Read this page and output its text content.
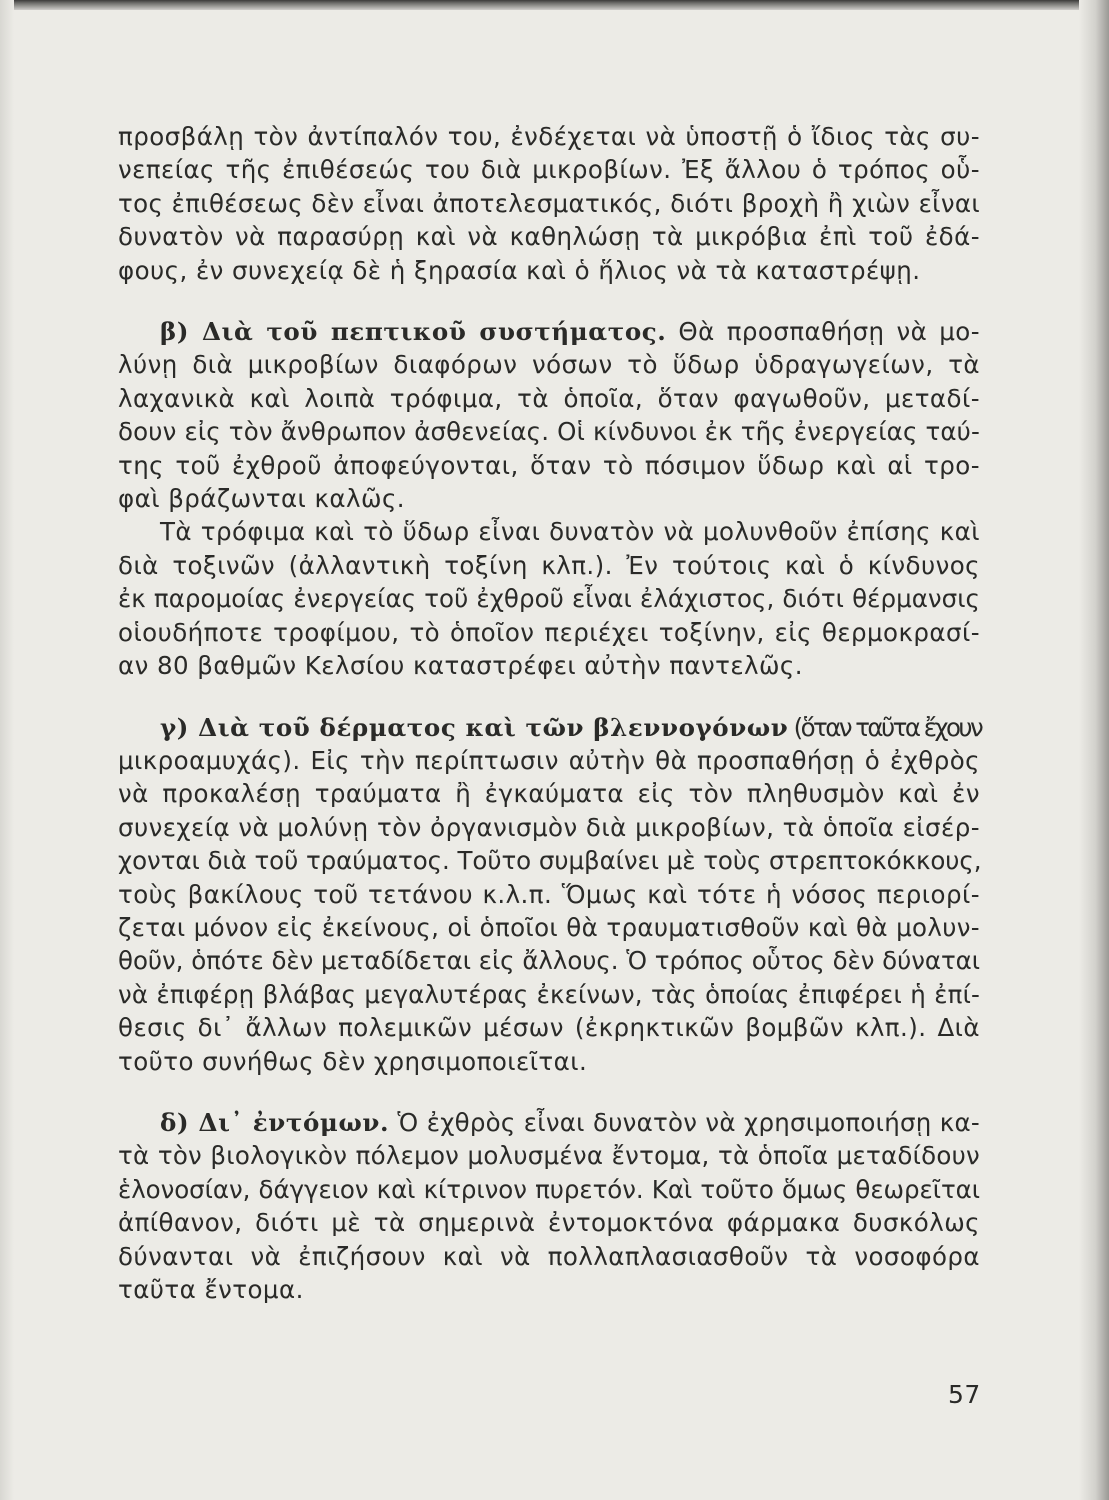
προσβάλῃ τὸν ἀντίπαλόν του, ἐνδέχεται νὰ ὑποστῇ ὁ ἴδιος τὰς συ-
νεπείας τῆς ἐπιθέσεώς του διὰ μικροβίων. Ἐξ ἄλλου ὁ τρόπος οὗ-
τος ἐπιθέσεως δὲν εἶναι ἀποτελεσματικός, διότι βροχὴ ἢ χιὼν εἶναι
δυνατὸν νὰ παρασύρῃ καὶ νὰ καθηλώσῃ τὰ μικρόβια ἐπὶ τοῦ ἐδά-
φους, ἐν συνεχείᾳ δὲ ἡ ξηρασία καὶ ὁ ἥλιος νὰ τὰ καταστρέψῃ.
β) Διὰ τοῦ πεπτικοῦ συστήματος. Θὰ προσπαθήσῃ νὰ μο-
λύνῃ διὰ μικροβίων διαφόρων νόσων τὸ ὕδωρ ὑδραγωγείων, τὰ
λαχανικὰ καὶ λοιπὰ τρόφιμα, τὰ ὁποῖα, ὅταν φαγωθοῦν, μεταδί-
δουν εἰς τὸν ἄνθρωπον ἀσθενείας. Οἱ κίνδυνοι ἐκ τῆς ἐνεργείας ταύ-
της τοῦ ἐχθροῦ ἀποφεύγονται, ὅταν τὸ πόσιμον ὕδωρ καὶ αἱ τρο-
φαὶ βράζωνται καλῶς.
Τὰ τρόφιμα καὶ τὸ ὕδωρ εἶναι δυνατὸν νὰ μολυνθοῦν ἐπίσης καὶ
διὰ τοξινῶν (ἀλλαντικὴ τοξίνη κλπ.). Ἐν τούτοις καὶ ὁ κίνδυνος
ἐκ παρομοίας ἐνεργείας τοῦ ἐχθροῦ εἶναι ἐλάχιστος, διότι θέρμανσις
οἱουδήποτε τροφίμου, τὸ ὁποῖον περιέχει τοξίνην, εἰς θερμοκρασί-
αν 80 βαθμῶν Κελσίου καταστρέφει αὐτὴν παντελῶς.
γ) Διὰ τοῦ δέρματος καὶ τῶν βλεννογόνων (ὅταν ταῦτα ἔχουν
μικροαμυχάς). Εἰς τὴν περίπτωσιν αὐτὴν θὰ προσπαθήσῃ ὁ ἐχθρὸς
νὰ προκαλέσῃ τραύματα ἢ ἐγκαύματα εἰς τὸν πληθυσμὸν καὶ ἐν
συνεχείᾳ νὰ μολύνῃ τὸν ὀργανισμὸν διὰ μικροβίων, τὰ ὁποῖα εἰσέρ-
χονται διὰ τοῦ τραύματος. Τοῦτο συμβαίνει μὲ τοὺς στρεπτοκόκκους,
τοὺς βακίλους τοῦ τετάνου κ.λ.π. Ὅμως καὶ τότε ἡ νόσος περιορί-
ζεται μόνον εἰς ἐκείνους, οἱ ὁποῖοι θὰ τραυματισθοῦν καὶ θὰ μολυν-
θοῦν, ὁπότε δὲν μεταδίδεται εἰς ἄλλους. Ὁ τρόπος οὗτος δὲν δύναται
νὰ ἐπιφέρῃ βλάβας μεγαλυτέρας ἐκείνων, τὰς ὁποίας ἐπιφέρει ἡ ἐπί-
θεσις δι᾽ ἄλλων πολεμικῶν μέσων (ἐκρηκτικῶν βομβῶν κλπ.). Διὰ
τοῦτο συνήθως δὲν χρησιμοποιεῖται.
δ) Δι᾽ ἐντόμων. Ὁ ἐχθρὸς εἶναι δυνατὸν νὰ χρησιμοποιήσῃ κα-
τὰ τὸν βιολογικὸν πόλεμον μολυσμένα ἔντομα, τὰ ὁποῖα μεταδίδουν
ἑλονοσίαν, δάγγειον καὶ κίτρινον πυρετόν. Καὶ τοῦτο ὅμως θεωρεῖται
ἀπίθανον, διότι μὲ τὰ σημερινὰ ἐντομοκτόνα φάρμακα δυσκόλως
δύνανται νὰ ἐπιζήσουν καὶ νὰ πολλαπλασιασθοῦν τὰ νοσοφόρα
ταῦτα ἔντομα.
57
